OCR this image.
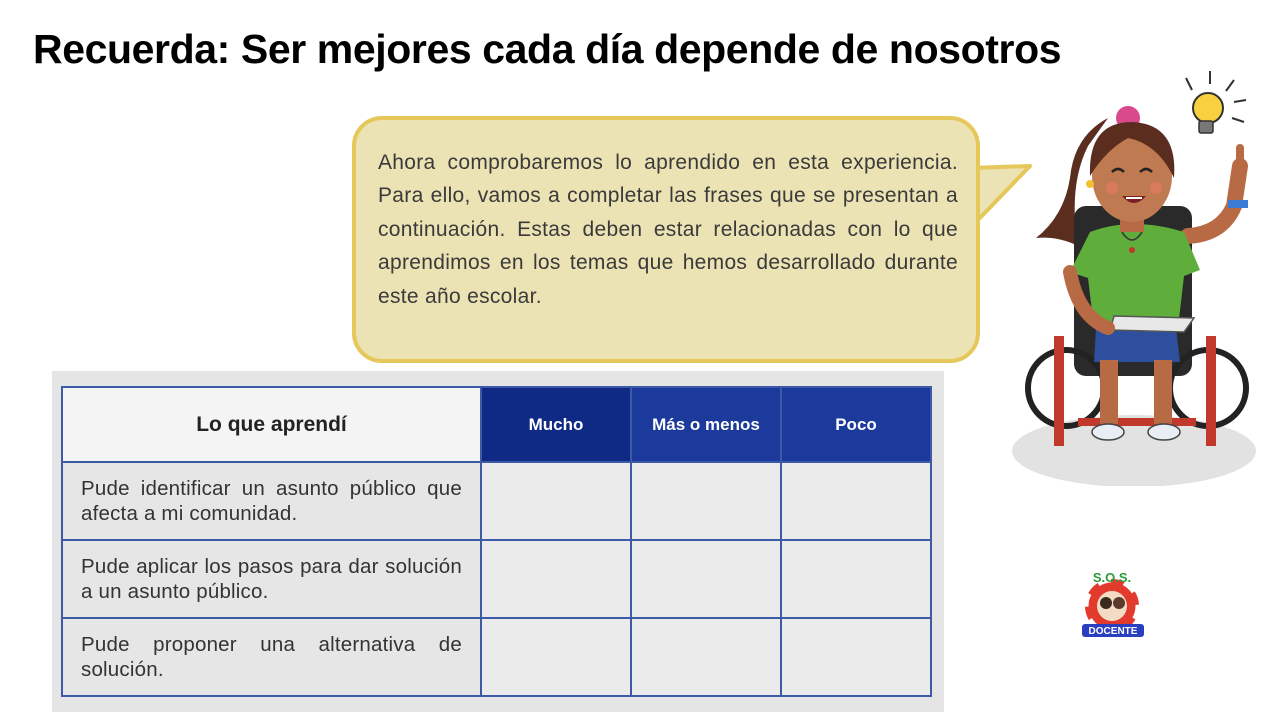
Recuerda: Ser mejores cada día depende de nosotros
Ahora comprobaremos lo aprendido en esta experiencia. Para ello, vamos a completar las frases que se presentan a continuación. Estas deben estar relacionadas con lo que aprendimos en los temas que hemos desarrollado durante este año escolar.
Lo que aprendí	Mucho	Más o menos	Poco
Pude identificar un asunto público que afecta a mi comunidad.			
Pude aplicar los pasos para dar solución a un asunto público.			
Pude proponer una alternativa de solución.			
S.O.S.
DOCENTE
